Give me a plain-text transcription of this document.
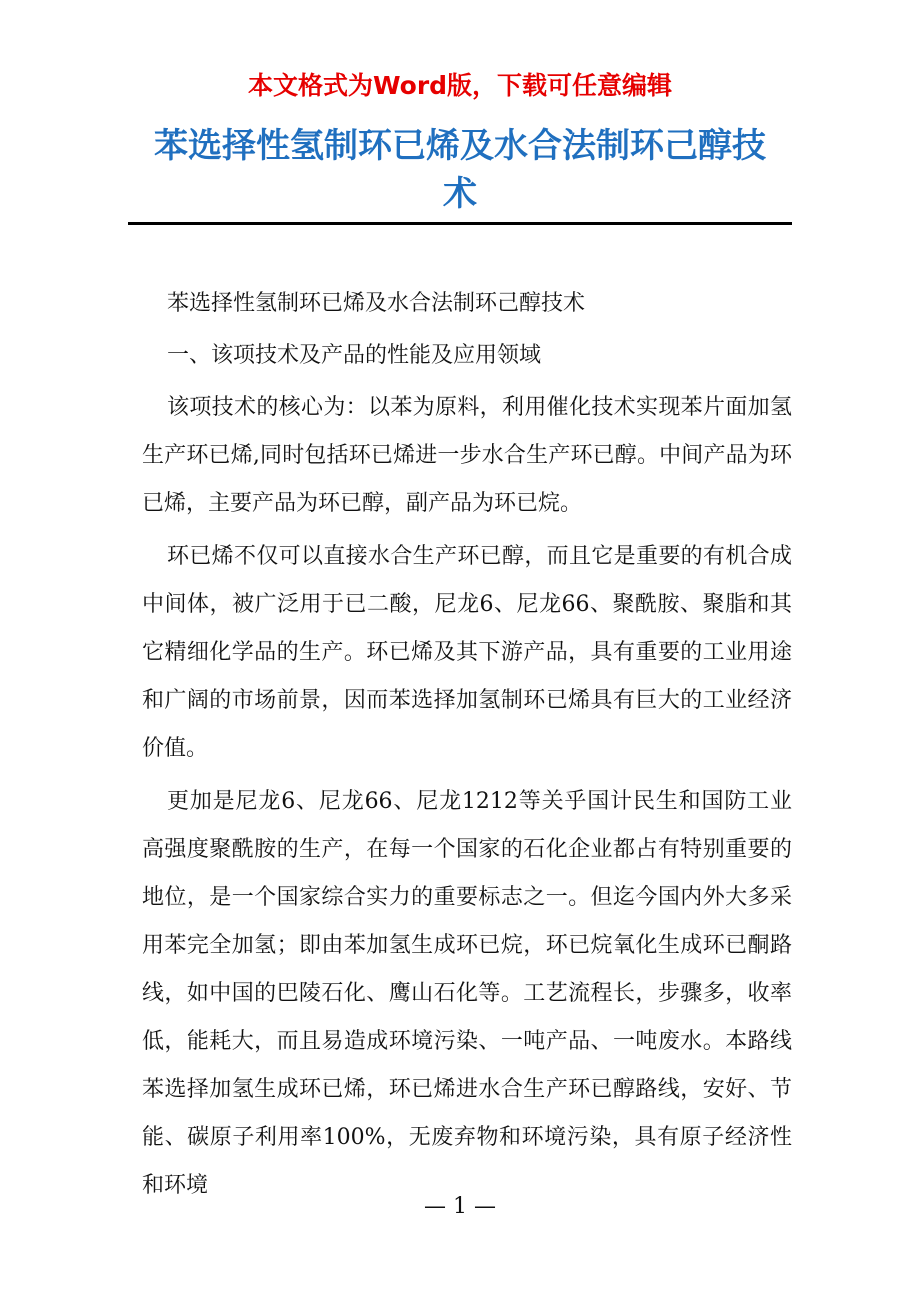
本文格式为Word版，下载可任意编辑

苯选择性氢制环已烯及水合法制环己醇技术

苯选择性氢制环已烯及水合法制环己醇技术

一、该项技术及产品的性能及应用领域

该项技术的核心为：以苯为原料，利用催化技术实现苯片面加氢生产环已烯,同时包括环已烯进一步水合生产环已醇。中间产品为环已烯，主要产品为环已醇，副产品为环已烷。

环已烯不仅可以直接水合生产环已醇，而且它是重要的有机合成中间体，被广泛用于已二酸，尼龙6、尼龙66、聚酰胺、聚脂和其它精细化学品的生产。环已烯及其下游产品，具有重要的工业用途和广阔的市场前景，因而苯选择加氢制环已烯具有巨大的工业经济价值。

更加是尼龙6、尼龙66、尼龙1212等关乎国计民生和国防工业高强度聚酰胺的生产，在每一个国家的石化企业都占有特别重要的地位，是一个国家综合实力的重要标志之一。但迄今国内外大多采用苯完全加氢；即由苯加氢生成环已烷，环已烷氧化生成环已酮路线，如中国的巴陵石化、鹰山石化等。工艺流程长，步骤多，收率低，能耗大，而且易造成环境污染、一吨产品、一吨废水。本路线苯选择加氢生成环已烯，环已烯进水合生产环已醇路线，安好、节能、碳原子利用率100%，无废弃物和环境污染，具有原子经济性和环境

— 1 —
